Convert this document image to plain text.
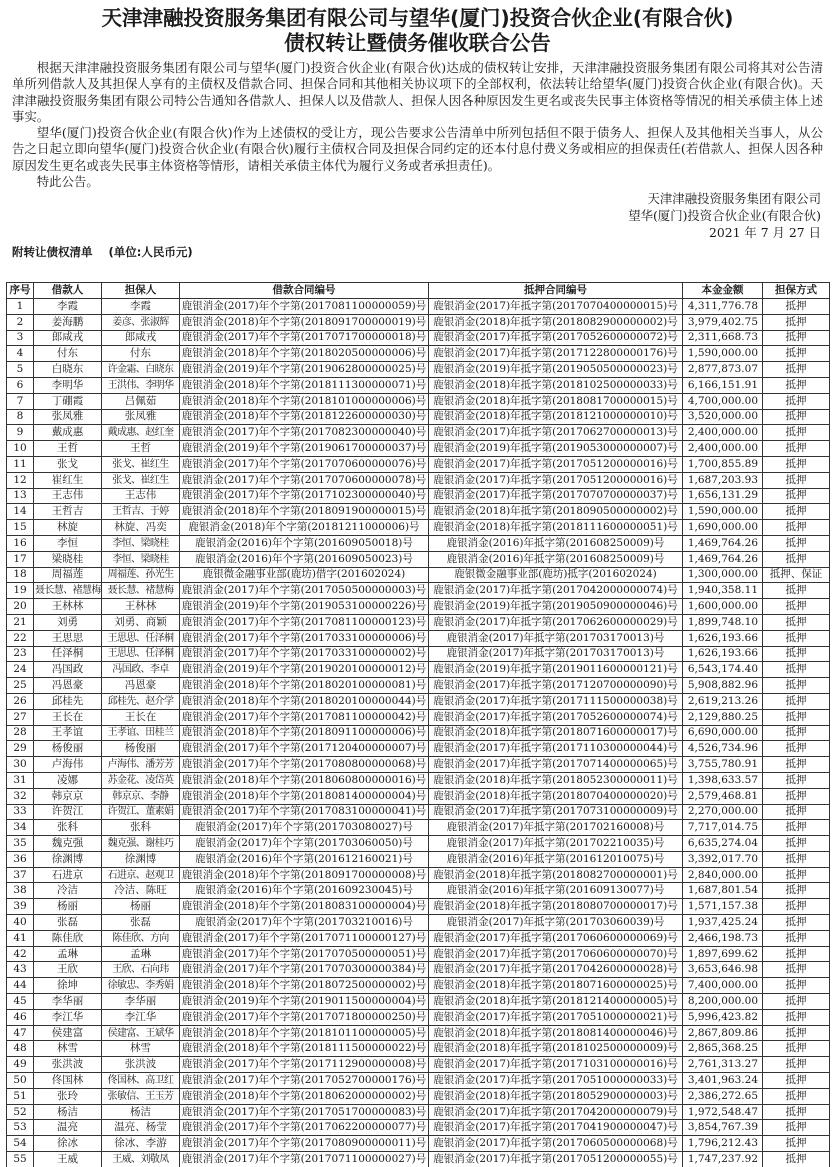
天津津融投资服务集团有限公司与望华(厦门)投资合伙企业(有限合伙)
债权转让暨债务催收联合公告

根据天津津融投资服务集团有限公司与望华(厦门)投资合伙企业(有限合伙)达成的债权转让安排，天津津融投资服务集团有限公司将其对公告清单所列借款人及其担保人享有的主债权及借款合同、担保合同和其他相关协议项下的全部权利，依法转让给望华(厦门)投资合伙企业(有限合伙)。天津津融投资服务集团有限公司特公告通知各借款人、担保人以及借款人、担保人因各种原因发生更名或丧失民事主体资格等情况的相关承债主体上述事实。

望华(厦门)投资合伙企业(有限合伙)作为上述债权的受让方，现公告要求公告清单中所列包括但不限于债务人、担保人及其他相关当事人，从公告之日起立即向望华(厦门)投资合伙企业(有限合伙)履行主债权合同及担保合同约定的还本付息付费义务或相应的担保责任(若借款人、担保人因各种原因发生更名或丧失民事主体资格等情形，请相关承债主体代为履行义务或者承担责任)。

特此公告。

天津津融投资服务集团有限公司
望华(厦门)投资合伙企业(有限合伙)
2021 年 7 月 27 日
附转让债权清单    (单位:人民币元)
序号	借款人	担保人	借款合同编号	抵押合同编号	本金金额	担保方式
1	李霞	李霞	鹿银消金(2017)年个字第(2017081100000059)号	鹿银消金(2017)年抵字第(2017070400000015)号	4,311,776.78	抵押
2	姜海鹏	姜彦、张淑辉	鹿银消金(2018)年个字第(2018091700000019)号	鹿银消金(2018)年抵字第(2018082900000002)号	3,979,402.75	抵押
3	郎咸戎	郎咸戎	鹿银消金(2017)年个字第(2017071700000018)号	鹿银消金(2017)年抵字第(2017052600000072)号	2,311,668.73	抵押
4	付东	付东	鹿银消金(2018)年个字第(2018020500000006)号	鹿银消金(2017)年抵字第(2017122800000176)号	1,590,000.00	抵押
5	白晓东	许金霜、白晓东	鹿银消金(2019)年个字第(2019062800000025)号	鹿银消金(2019)年抵字第(2019050500000023)号	2,877,873.07	抵押
6	李明华	王洪伟、李明华	鹿银消金(2018)年个字第(2018111300000071)号	鹿银消金(2018)年抵字第(2018102500000033)号	6,166,151.91	抵押
7	丁硼霞	吕佩茹	鹿银消金(2018)年个字第(2018101000000006)号	鹿银消金(2018)年抵字第(2018081700000015)号	4,700,000.00	抵押
8	张凤雅	张凤雅	鹿银消金(2018)年个字第(2018122600000030)号	鹿银消金(2018)年抵字第(2018121000000010)号	3,520,000.00	抵押
9	戴成惠	戴成惠、赵红奎	鹿银消金(2017)年个字第(2017082300000040)号	鹿银消金(2017)年抵字第(2017062700000013)号	2,400,000.00	抵押
10	王哲	王哲	鹿银消金(2019)年个字第(2019061700000037)号	鹿银消金(2019)年抵字第(2019053000000007)号	2,400,000.00	抵押
11	张戈	张戈、崔红生	鹿银消金(2017)年个字第(2017070600000076)号	鹿银消金(2017)年抵字第(2017051200000016)号	1,700,855.89	抵押
12	崔红生	张戈、崔红生	鹿银消金(2017)年个字第(2017070600000078)号	鹿银消金(2017)年抵字第(2017051200000016)号	1,687,203.93	抵押
13	王志伟	王志伟	鹿银消金(2017)年个字第(2017102300000040)号	鹿银消金(2017)年抵字第(2017070700000037)号	1,656,131.29	抵押
14	王哲吉	王哲吉、于婷	鹿银消金(2018)年个字第(2018091900000015)号	鹿银消金(2018)年抵字第(2018090500000002)号	1,590,000.00	抵押
15	林旋	林旋、冯奕	鹿银消金(2018)年个字第(20181211000006)号	鹿银消金(2018)年抵字第(2018111600000051)号	1,690,000.00	抵押
16	李恒	李恒、梁晓桂	鹿银消金(2016)年个字第(201609050018)号	鹿银消金(2016)年抵字第(201608250009)号	1,469,764.26	抵押
17	梁晓桂	李恒、梁晓桂	鹿银消金(2016)年个字第(201609050023)号	鹿银消金(2016)年抵字第(201608250009)号	1,469,764.26	抵押
18	周福莲	周福莲、孙光生	鹿银微金融事业部(鹿坊)借字(201602024)	鹿银微金融事业部(鹿坊)抵字(201602024)	1,300,000.00	抵押、保证
19	聂长慧、褚慧梅	聂长慧、褚慧梅	鹿银消金(2017)年个字第(2017050500000003)号	鹿银消金(2017)年抵字第(2017042000000074)号	1,940,358.11	抵押
20	王林林	王林林	鹿银消金(2019)年个字第(2019053100000226)号	鹿银消金(2019)年抵字第(2019050900000046)号	1,600,000.00	抵押
21	刘勇	刘勇、商颖	鹿银消金(2017)年个字第(2017081100000123)号	鹿银消金(2017)年抵字第(2017062600000029)号	1,899,748.10	抵押
22	王思思	王思思、任泽桐	鹿银消金(2017)年个字第(2017033100000006)号	鹿银消金(2017)年抵字第(201703170013)号	1,626,193.66	抵押
23	任泽桐	王思思、任泽桐	鹿银消金(2017)年个字第(2017033100000002)号	鹿银消金(2017)年抵字第(201703170013)号	1,626,193.66	抵押
24	冯国政	冯国政、李卓	鹿银消金(2019)年个字第(2019020100000012)号	鹿银消金(2019)年抵字第(2019011600000121)号	6,543,174.40	抵押
25	冯恩豪	冯恩豪	鹿银消金(2018)年个字第(2018020100000081)号	鹿银消金(2017)年抵字第(2017120700000090)号	5,908,882.96	抵押
26	邱桂先	邱桂先、赵介学	鹿银消金(2018)年个字第(2018020100000044)号	鹿银消金(2017)年抵字第(2017111500000038)号	2,619,213.26	抵押
27	王长在	王长在	鹿银消金(2017)年个字第(2017081100000042)号	鹿银消金(2017)年抵字第(2017052600000074)号	2,129,880.25	抵押
28	王孝谊	王孝谊、田桂兰	鹿银消金(2018)年个字第(2018091100000006)号	鹿银消金(2018)年抵字第(2018071600000017)号	6,690,000.00	抵押
29	杨俊丽	杨俊丽	鹿银消金(2017)年个字第(2017120400000007)号	鹿银消金(2017)年抵字第(2017110300000044)号	4,526,734.96	抵押
30	卢海伟	卢海伟、潘芳芳	鹿银消金(2017)年个字第(2017080800000068)号	鹿银消金(2017)年抵字第(2017071400000065)号	3,755,780.91	抵押
31	凌娜	苏金花、凌岱英	鹿银消金(2018)年个字第(2018060800000016)号	鹿银消金(2018)年抵字第(2018052300000011)号	1,398,633.57	抵押
32	韩京京	韩京京、李静	鹿银消金(2018)年个字第(2018081400000004)号	鹿银消金(2018)年抵字第(2018070400000020)号	2,579,468.81	抵押
33	许贺江	许贺江、董素娟	鹿银消金(2017)年个字第(2017083100000041)号	鹿银消金(2017)年抵字第(2017073100000009)号	2,270,000.00	抵押
34	张科	张科	鹿银消金(2017)年个字第(201703080027)号	鹿银消金(2017)年抵字第(201702160008)号	7,717,014.75	抵押
35	魏克强	魏克强、谢桂巧	鹿银消金(2017)年个字第(201703060050)号	鹿银消金(2017)年抵字第(201702210035)号	6,635,274.04	抵押
36	徐渊博	徐渊博	鹿银消金(2016)年个字第(201612160021)号	鹿银消金(2016)年抵字第(201612010075)号	3,392,017.70	抵押
37	石进京	石进京、赵观卫	鹿银消金(2018)年个字第(2018091700000008)号	鹿银消金(2018)年抵字第(2018082700000001)号	2,840,000.00	抵押
38	冷洁	冷洁、陈旺	鹿银消金(2016)年个字第(201609230045)号	鹿银消金(2016)年抵字第(201609130077)号	1,687,801.54	抵押
39	杨丽	杨丽	鹿银消金(2018)年个字第(2018083100000004)号	鹿银消金(2018)年抵字第(2018080700000017)号	1,571,157.38	抵押
40	张磊	张磊	鹿银消金(2017)年个字第(201703210016)号	鹿银消金(2017)年抵字第(201703060039)号	1,937,425.24	抵押
41	陈佳欣	陈佳欣、方向	鹿银消金(2017)年个字第(2017071100000127)号	鹿银消金(2017)年抵字第(2017060600000069)号	2,466,198.73	抵押
42	孟琳	孟琳	鹿银消金(2017)年个字第(2017070500000051)号	鹿银消金(2017)年抵字第(2017060600000070)号	1,897,699.62	抵押
43	王欣	王欣、石向玮	鹿银消金(2017)年个字第(2017070300000384)号	鹿银消金(2017)年抵字第(2017042600000028)号	3,653,646.98	抵押
44	徐坤	徐敏忠、李秀娟	鹿银消金(2018)年个字第(2018072500000002)号	鹿银消金(2018)年抵字第(2018071600000025)号	7,400,000.00	抵押
45	李华丽	李华丽	鹿银消金(2019)年个字第(2019011500000004)号	鹿银消金(2018)年抵字第(2018121400000005)号	8,200,000.00	抵押
46	李江华	李江华	鹿银消金(2017)年个字第(2017071800000250)号	鹿银消金(2017)年抵字第(2017051000000021)号	5,996,423.82	抵押
47	侯建富	侯建富、王斌华	鹿银消金(2018)年个字第(2018101100000005)号	鹿银消金(2018)年抵字第(2018081400000046)号	2,867,809.86	抵押
48	林雪	林雪	鹿银消金(2018)年个字第(2018111500000022)号	鹿银消金(2018)年抵字第(2018102500000009)号	2,865,368.25	抵押
49	张洪波	张洪波	鹿银消金(2017)年个字第(2017112900000008)号	鹿银消金(2017)年抵字第(2017103100000016)号	2,761,313.27	抵押
50	佟国林	佟国林、高卫红	鹿银消金(2017)年个字第(2017052700000176)号	鹿银消金(2017)年抵字第(2017051000000033)号	3,401,963.24	抵押
51	张玲	张敏信、王玉芳	鹿银消金(2018)年个字第(2018062000000002)号	鹿银消金(2018)年抵字第(2018052900000003)号	2,386,272.65	抵押
52	杨洁	杨洁	鹿银消金(2017)年个字第(2017051700000083)号	鹿银消金(2017)年抵字第(2017042000000079)号	1,972,548.47	抵押
53	温亮	温亮、杨莹	鹿银消金(2017)年个字第(2017062200000077)号	鹿银消金(2017)年抵字第(2017041900000047)号	3,854,767.39	抵押
54	徐冰	徐冰、李游	鹿银消金(2017)年个字第(2017080900000011)号	鹿银消金(2017)年抵字第(2017060500000068)号	1,796,212.43	抵押
55	王威	王威、刘敬凤	鹿银消金(2017)年个字第(2017071100000027)号	鹿银消金(2017)年抵字第(2017051200000055)号	1,747,237.92	抵押
